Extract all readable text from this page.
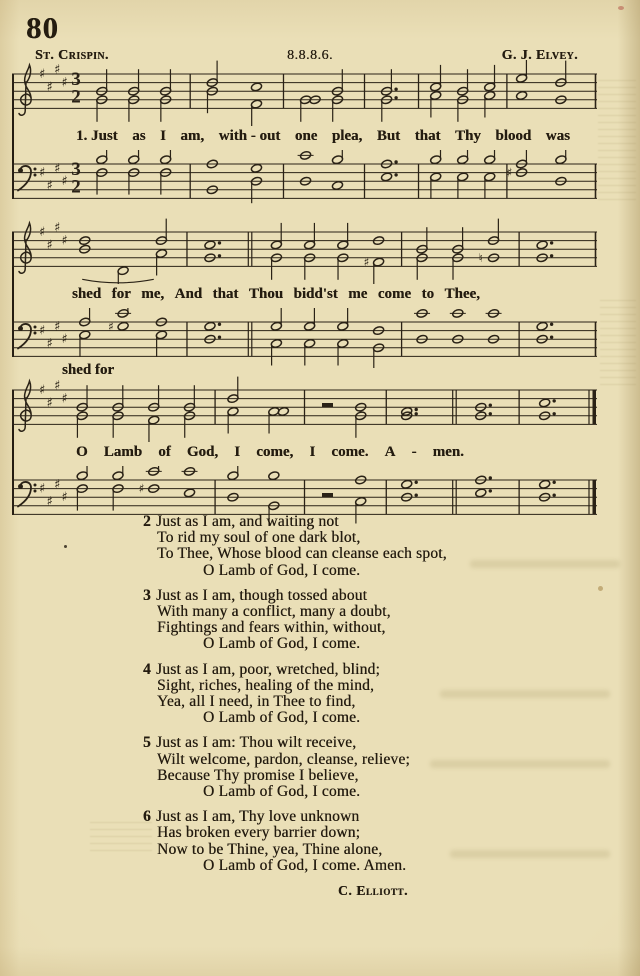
80
St. Crispin.	8.8.8.6.	G. J. Elvey.
♯
♯
♯
♯ 3
2
1. Just as I am, with - out one plea, But that Thy blood was
♯
♯
♯
♯
3
2
♯
♯
♯
♯
♯
♯	♮
shed for me, And that Thou bidd'st me come to Thee,
♯
♯
♯
♯
♯
shed for
♯
♯
♯
♯
O Lamb of God, I come, I come. A - men.
♯
♯
♯
♯
♯
2 Just as I am, and waiting not
To rid my soul of one dark blot,
To Thee, Whose blood can cleanse each spot,
O Lamb of God, I come.
3 Just as I am, though tossed about
With many a conflict, many a doubt,
Fightings and fears within, without,
O Lamb of God, I come.
4 Just as I am, poor, wretched, blind;
Sight, riches, healing of the mind,
Yea, all I need, in Thee to find,
O Lamb of God, I come.
5 Just as I am: Thou wilt receive,
Wilt welcome, pardon, cleanse, relieve;
Because Thy promise I believe,
O Lamb of God, I come.
6 Just as I am, Thy love unknown
Has broken every barrier down;
Now to be Thine, yea, Thine alone,
O Lamb of God, I come. Amen.
C. Elliott.
